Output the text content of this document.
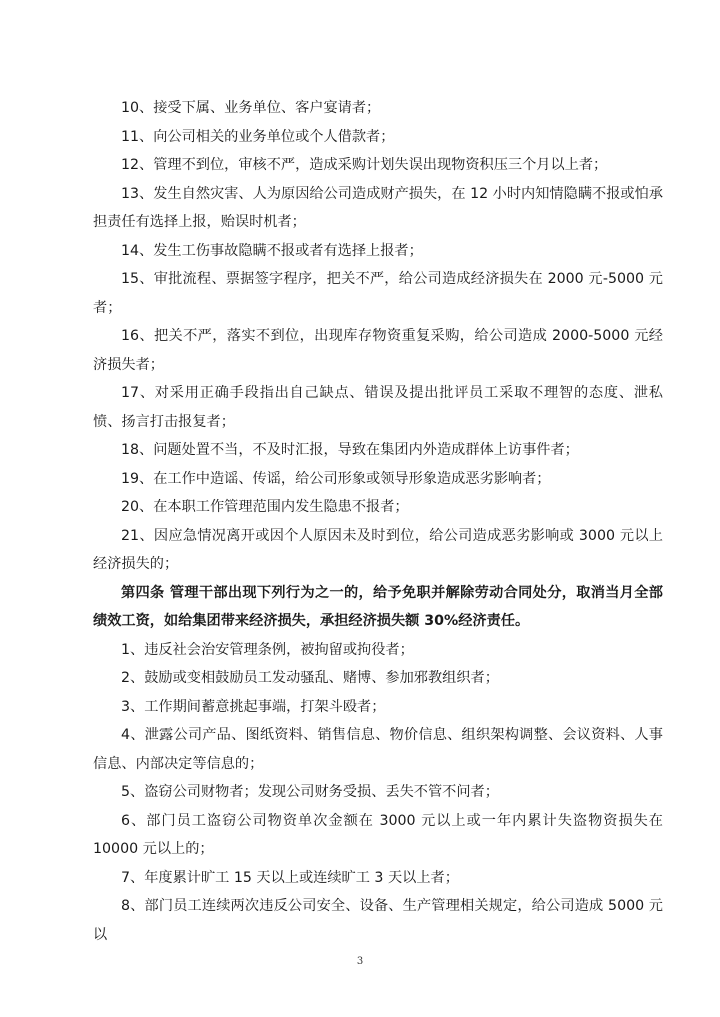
10、接受下属、业务单位、客户宴请者；

11、向公司相关的业务单位或个人借款者；

12、管理不到位，审核不严，造成采购计划失误出现物资积压三个月以上者；

13、发生自然灾害、人为原因给公司造成财产损失，在 12 小时内知情隐瞒不报或怕承担责任有选择上报，贻误时机者；

14、发生工伤事故隐瞒不报或者有选择上报者；

15、审批流程、票据签字程序，把关不严，给公司造成经济损失在 2000 元-5000 元者；

16、把关不严，落实不到位，出现库存物资重复采购，给公司造成 2000-5000 元经济损失者；

17、对采用正确手段指出自己缺点、错误及提出批评员工采取不理智的态度、泄私愤、扬言打击报复者；

18、问题处置不当，不及时汇报，导致在集团内外造成群体上访事件者；

19、在工作中造谣、传谣，给公司形象或领导形象造成恶劣影响者；

20、在本职工作管理范围内发生隐患不报者；

21、因应急情况离开或因个人原因未及时到位，给公司造成恶劣影响或 3000 元以上经济损失的；

第四条 管理干部出现下列行为之一的，给予免职并解除劳动合同处分，取消当月全部绩效工资，如给集团带来经济损失，承担经济损失额 30%经济责任。

1、违反社会治安管理条例，被拘留或拘役者；

2、鼓励或变相鼓励员工发动骚乱、赌博、参加邪教组织者；

3、工作期间蓄意挑起事端，打架斗殴者；

4、泄露公司产品、图纸资料、销售信息、物价信息、组织架构调整、会议资料、人事信息、内部决定等信息的；

5、盗窃公司财物者；发现公司财务受损、丢失不管不问者；

6、部门员工盗窃公司物资单次金额在 3000 元以上或一年内累计失盗物资损失在 10000 元以上的；

7、年度累计旷工 15 天以上或连续旷工 3 天以上者；

8、部门员工连续两次违反公司安全、设备、生产管理相关规定，给公司造成 5000 元以

3
